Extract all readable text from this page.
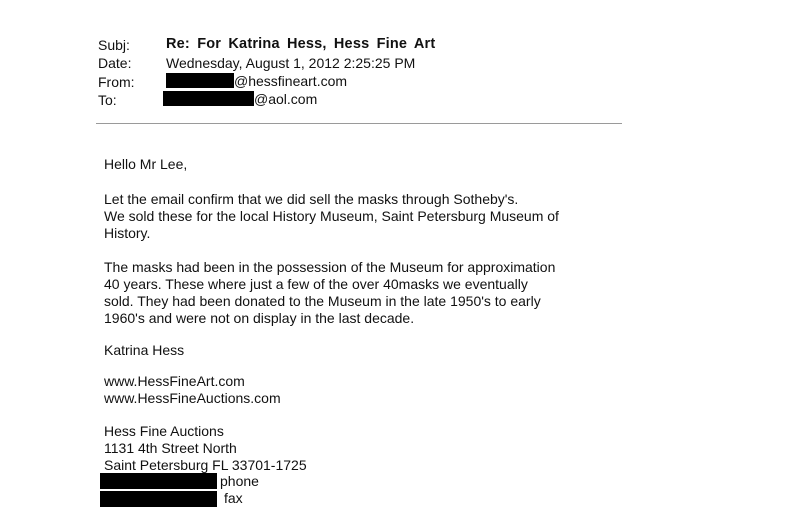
Subj: Re: For Katrina Hess, Hess Fine Art
Date: Wednesday, August 1, 2012 2:25:25 PM
From:	@hessfineart.com
To:	@aol.com
Hello Mr Lee,
Let the email confirm that we did sell the masks through Sotheby's.
We sold these for the local History Museum, Saint Petersburg Museum of
History.
The masks had been in the possession of the Museum for approximation
40 years. These where just a few of the over 40masks we eventually
sold. They had been donated to the Museum in the late 1950's to early
1960's and were not on display in the last decade.
Katrina Hess
www.HessFineArt.com
www.HessFineAuctions.com
Hess Fine Auctions
1131 4th Street North
Saint Petersburg FL 33701-1725
phone
fax
